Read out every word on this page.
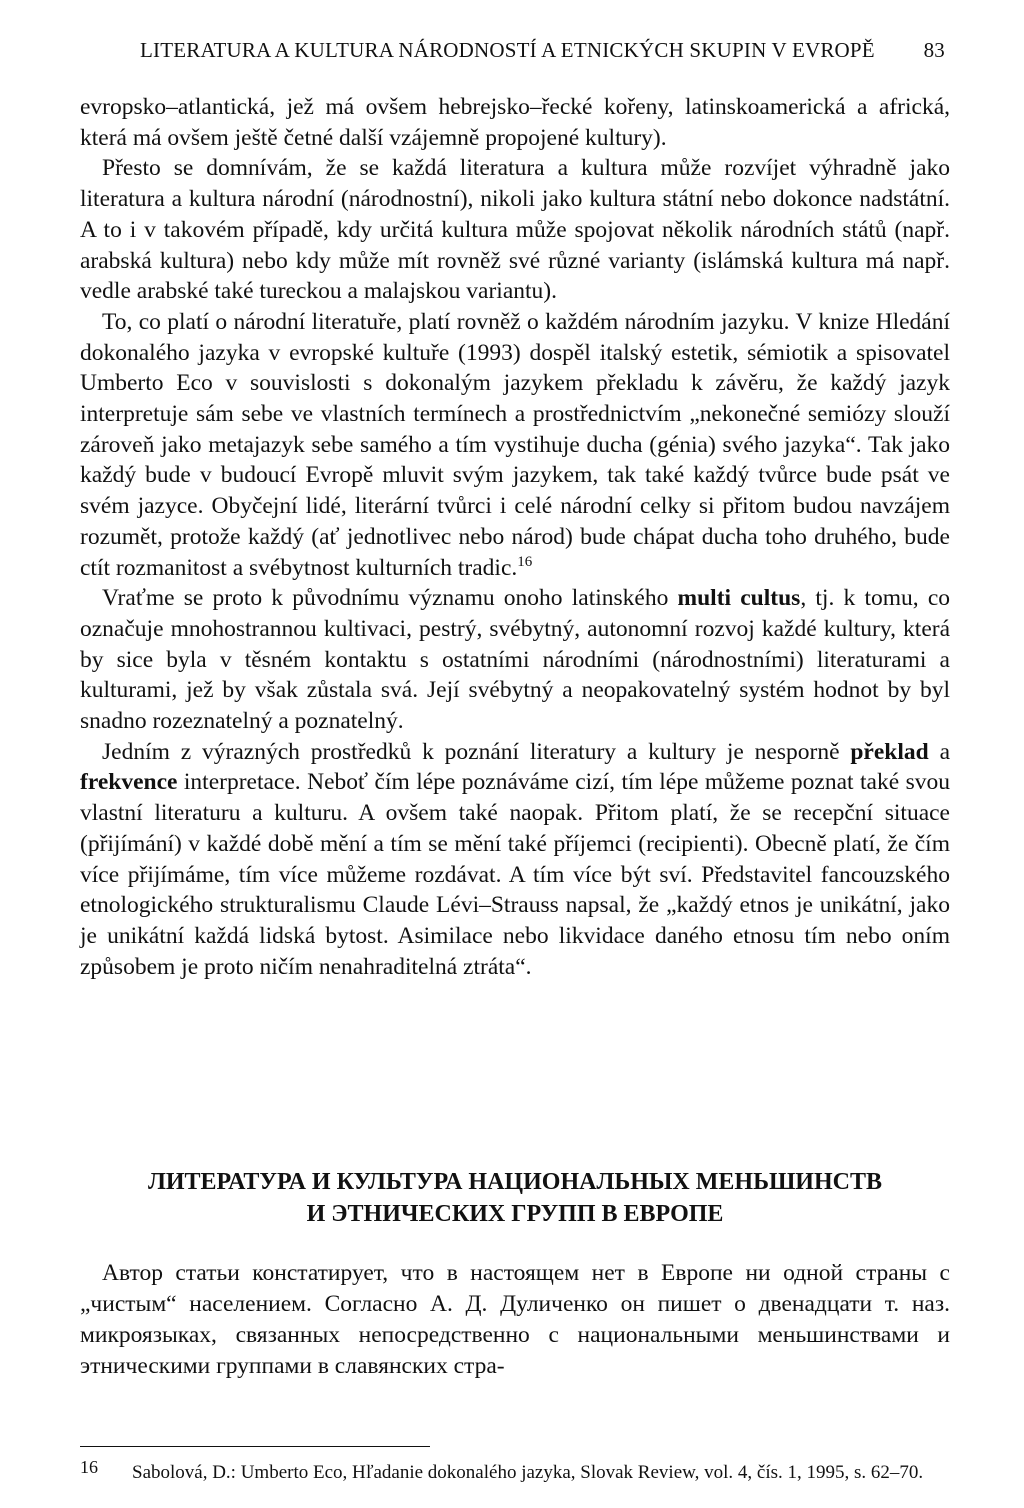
LITERATURA A KULTURA NÁRODNOSTÍ A ETNICKÝCH SKUPIN V EVROPĚ 83

evropsko–atlantická, jež má ovšem hebrejsko–řecké kořeny, latinskoamerická a africká, která má ovšem ještě četné další vzájemně propojené kultury).

Přesto se domnívám, že se každá literatura a kultura může rozvíjet výhradně jako literatura a kultura národní (národnostní), nikoli jako kultura státní nebo dokonce nadstátní. A to i v takovém případě, kdy určitá kultura může spojovat několik národních států (např. arabská kultura) nebo kdy může mít rovněž své různé varianty (islámská kultura má např. vedle arabské také tureckou a malajskou variantu).

To, co platí o národní literatuře, platí rovněž o každém národním jazyku. V knize Hledání dokonalého jazyka v evropské kultuře (1993) dospěl italský estetik, sémiotik a spisovatel Umberto Eco v souvislosti s dokonalým jazykem překladu k závěru, že každý jazyk interpretuje sám sebe ve vlastních termínech a prostřednictvím „nekonečné semiózy slouží zároveň jako metajazyk sebe samého a tím vystihuje ducha (génia) svého jazyka“. Tak jako každý bude v budoucí Evropě mluvit svým jazykem, tak také každý tvůrce bude psát ve svém jazyce. Obyčejní lidé, literární tvůrci i celé národní celky si přitom budou navzájem rozumět, protože každý (ať jednotlivec nebo národ) bude chápat ducha toho druhého, bude ctít rozmanitost a svébytnost kulturních tradic.$^{16}$

Vraťme se proto k původnímu významu onoho latinského multi cultus, tj. k tomu, co označuje mnohostrannou kultivaci, pestrý, svébytný, autonomní rozvoj každé kultury, která by sice byla v těsném kontaktu s ostatními národními (národnostními) literaturami a kulturami, jež by však zůstala svá. Její svébytný a neopakovatelný systém hodnot by byl snadno rozeznatelný a poznatelný.

Jedním z výrazných prostředků k poznání literatury a kultury je nesporně překlad a frekvence interpretace. Neboť čím lépe poznáváme cizí, tím lépe můžeme poznat také svou vlastní literaturu a kulturu. A ovšem také naopak. Přitom platí, že se recepční situace (přijímání) v každé době mění a tím se mění také příjemci (recipienti). Obecně platí, že čím více přijímáme, tím více můžeme rozdávat. A tím více být sví. Představitel fancouzského etnologického strukturalismu Claude Lévi–Strauss napsal, že „každý etnos je unikátní, jako je unikátní každá lidská bytost. Asimilace nebo likvidace daného etnosu tím nebo oním způsobem je proto ničím nenahraditelná ztráta“.

ЛИТЕРАТУРА И КУЛЬТУРА НАЦИОНАЛЬНЫХ МЕНЬШИНСТВ
И ЭТНИЧЕСКИХ ГРУПП В ЕВРОПЕ

Автор статьи констатирует, что в настоящем нет в Европе ни одной страны с „чистым“ населением. Согласно А. Д. Дуличенко он пишет о двенадцати т. наз. микроязыках, связанных непосредственно с национальными меньшинствами и этническими группами в славянских стра-

16 Sabolová, D.: Umberto Eco, Hľadanie dokonalého jazyka, Slovak Review, vol. 4, čís. 1, 1995, s. 62–70.
